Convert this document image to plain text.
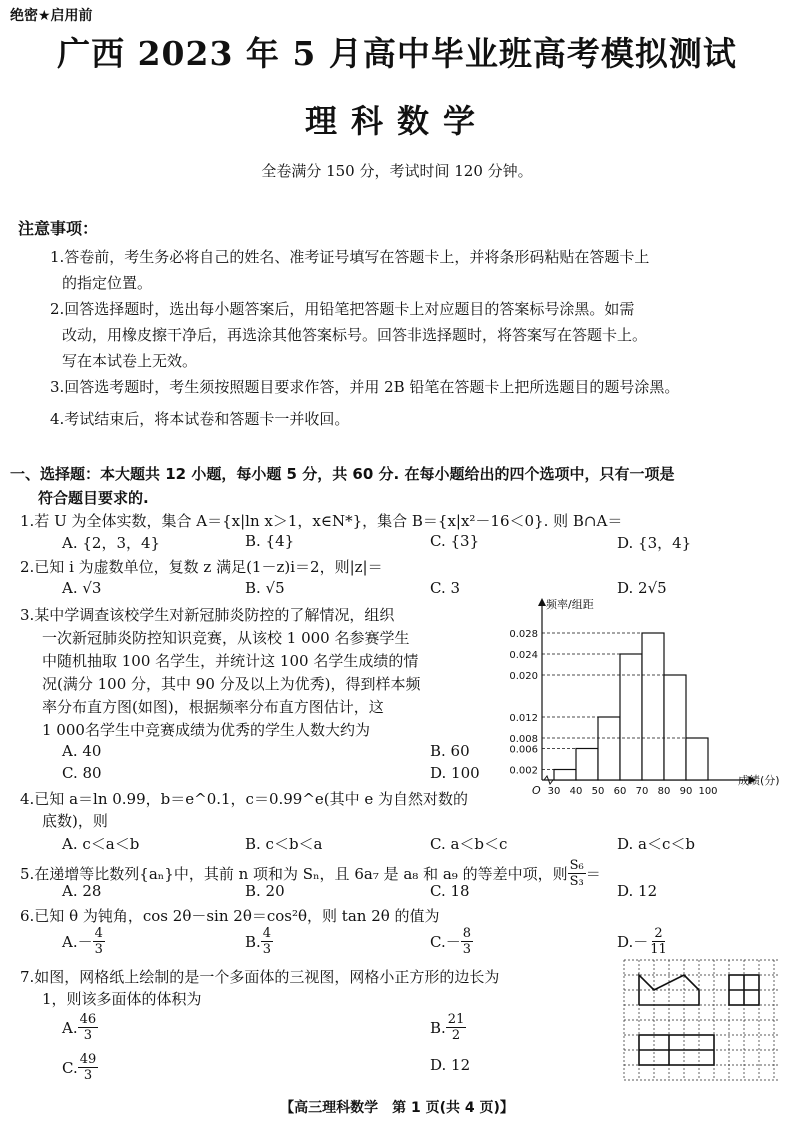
绝密★启用前
广西 2023 年 5 月高中毕业班高考模拟测试
理科数学
全卷满分 150 分，考试时间 120 分钟。
注意事项：
1.答卷前，考生务必将自己的姓名、准考证号填写在答题卡上，并将条形码粘贴在答题卡上
的指定位置。
2.回答选择题时，选出每小题答案后，用铅笔把答题卡上对应题目的答案标号涂黑。如需
改动，用橡皮擦干净后，再选涂其他答案标号。回答非选择题时，将答案写在答题卡上。
写在本试卷上无效。
3.回答选考题时，考生须按照题目要求作答，并用 2B 铅笔在答题卡上把所选题目的题号涂黑。
4.考试结束后，将本试卷和答题卡一并收回。
一、选择题：本大题共 12 小题，每小题 5 分，共 60 分. 在每小题给出的四个选项中，只有一项是
符合题目要求的.
1.若 U 为全体实数，集合 A＝{x|ln x＞1，x∈N*}，集合 B＝{x|x²－16＜0}. 则 B∩A＝
A. {2，3，4}	B. {4}	C. {3}	D. {3，4}
2.已知 i 为虚数单位，复数 z 满足(1－z)i＝2，则|z|＝
A. √3	B. √5	C. 3	D. 2√5
3.某中学调查该校学生对新冠肺炎防控的了解情况，组织
一次新冠肺炎防控知识竞赛，从该校 1 000 名参赛学生
中随机抽取 100 名学生，并统计这 100 名学生成绩的情
况(满分 100 分，其中 90 分及以上为优秀)，得到样本频
率分布直方图(如图)，根据频率分布直方图估计，这
1 000名学生中竞赛成绩为优秀的学生人数大约为
A. 40	B. 60
C. 80	D. 100	0.002
0.006
0.008
0.012
0.020
0.024
0.028
30 40 50 60 70 80 90 100
O
频率/组距
成绩(分)
4.已知 a＝ln 0.99，b＝e^0.1，c＝0.99^e(其中 e 为自然对数的
底数)，则
A. c＜a＜b	B. c＜b＜a	C. a＜b＜c	D. a＜c＜b
5.在递增等比数列{aₙ}中，其前 n 项和为 Sₙ，且 6a₇ 是 a₈ 和 a₉ 的等差中项，则 $\frac{\text{S₆}}{\text{S₃}}$ ＝
A. 28	B. 20	C. 18	D. 12
6.已知 θ 为钝角，cos 2θ－sin 2θ＝cos²θ，则 tan 2θ 的值为
A. － $\frac{4}{3}$	B. $\frac{4}{3}$	C. － $\frac{8}{3}$	D. － $\frac{2}{11}$
7.如图，网格纸上绘制的是一个多面体的三视图，网格小正方形的边长为
1，则该多面体的体积为
A. $\frac{46}{3}$	B. $\frac{21}{2}$
C. $\frac{49}{3}$	D. 12
【高三理科数学　第 1 页(共 4 页)】
